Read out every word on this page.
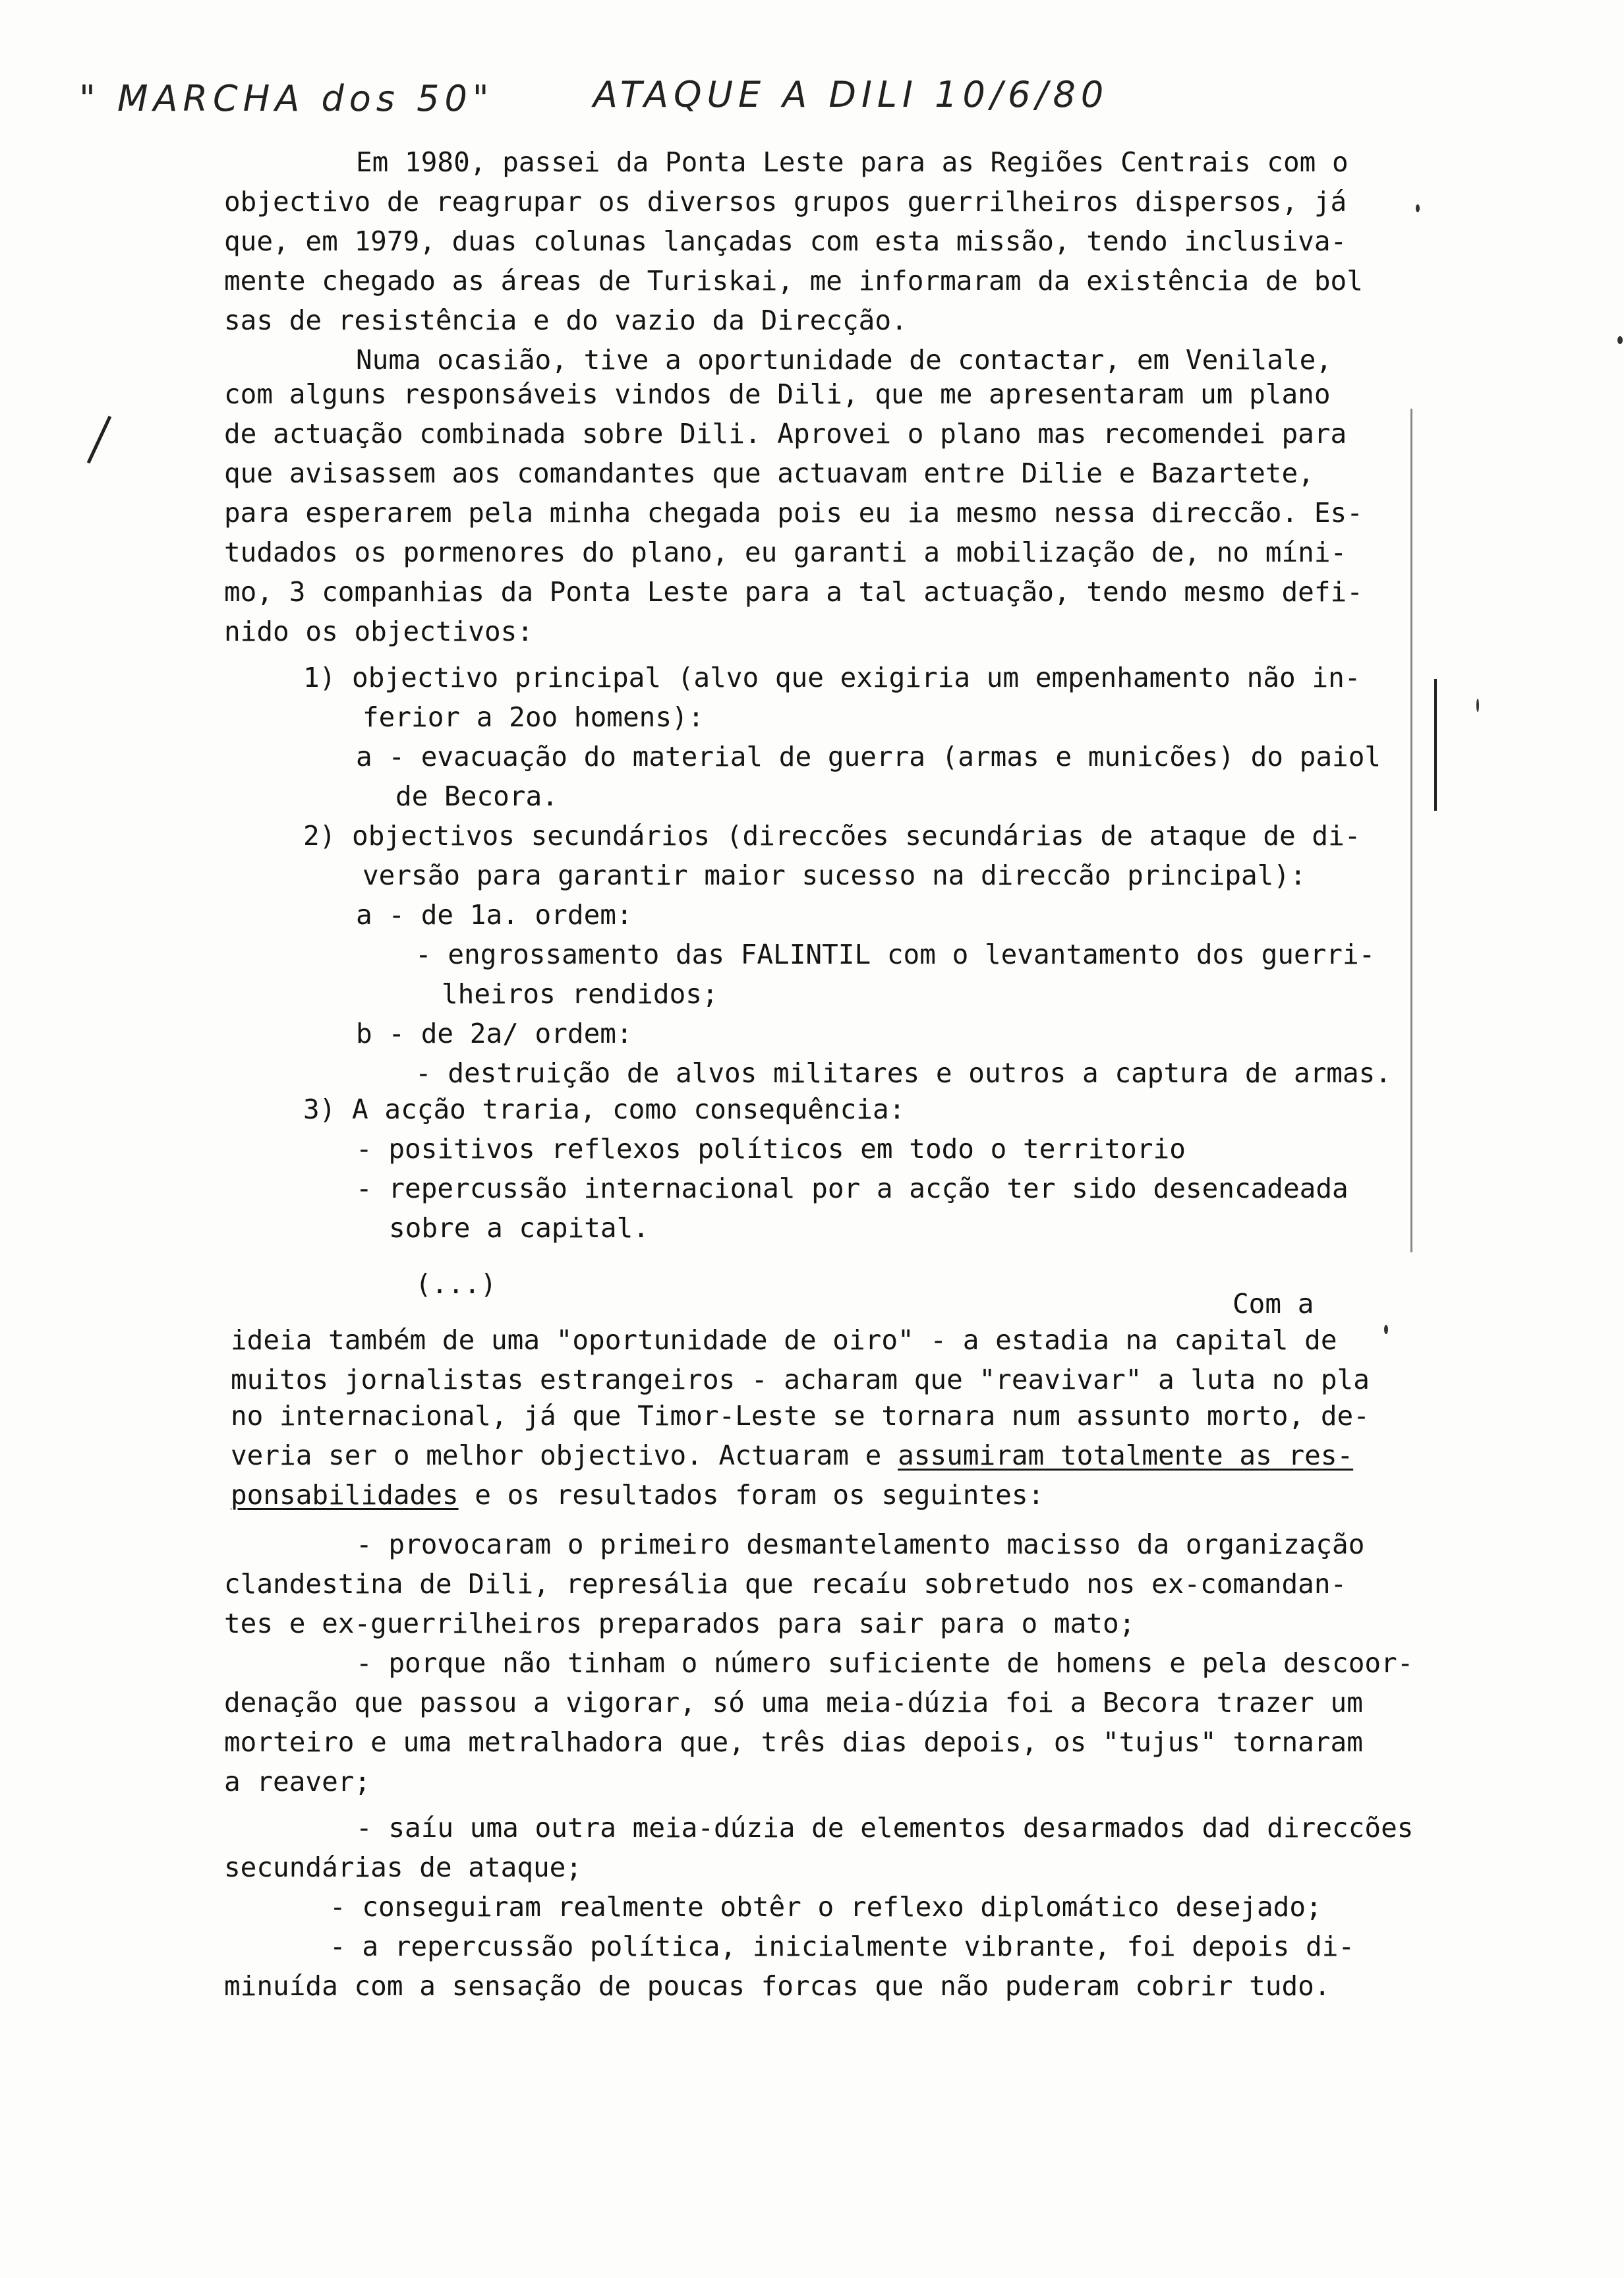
" MARCHA dos 50"	ATAQUE A DILI 10/6/80
Em 1980, passei da Ponta Leste para as Regiões Centrais com o
objectivo de reagrupar os diversos grupos guerrilheiros dispersos, já
que, em 1979, duas colunas lançadas com esta missão, tendo inclusiva-
mente chegado as áreas de Turiskai, me informaram da existência de bol
sas de resistência e do vazio da Direcção.
Numa ocasião, tive a oportunidade de contactar, em Venilale,
com alguns responsáveis vindos de Dili, que me apresentaram um plano
de actuação combinada sobre Dili. Aprovei o plano mas recomendei para
que avisassem aos comandantes que actuavam entre Dilie e Bazartete,
para esperarem pela minha chegada pois eu ia mesmo nessa direccão. Es-
tudados os pormenores do plano, eu garanti a mobilização de, no míni-
mo, 3 companhias da Ponta Leste para a tal actuação, tendo mesmo defi-
nido os objectivos:
1) objectivo principal (alvo que exigiria um empenhamento não in-
ferior a 2oo homens):
a - evacuação do material de guerra (armas e municões) do paiol
de Becora.
2) objectivos secundários (direccões secundárias de ataque de di-
versão para garantir maior sucesso na direccão principal):
a - de 1a. ordem:
- engrossamento das FALINTIL com o levantamento dos guerri-
lheiros rendidos;
b - de 2a/ ordem:
- destruição de alvos militares e outros a captura de armas.
3) A acção traria, como consequência:
- positivos reflexos políticos em todo o territorio
- repercussão internacional por a acção ter sido desencadeada
sobre a capital.
(...)
Com a
ideia também de uma "oportunidade de oiro" - a estadia na capital de
muitos jornalistas estrangeiros - acharam que "reavivar" a luta no pla
no internacional, já que Timor-Leste se tornara num assunto morto, de-
veria ser o melhor objectivo. Actuaram e assumiram totalmente as res-
ponsabilidades e os resultados foram os seguintes:
- provocaram o primeiro desmantelamento macisso da organização
clandestina de Dili, represália que recaíu sobretudo nos ex-comandan-
tes e ex-guerrilheiros preparados para sair para o mato;
- porque não tinham o número suficiente de homens e pela descoor-
denação que passou a vigorar, só uma meia-dúzia foi a Becora trazer um
morteiro e uma metralhadora que, três dias depois, os "tujus" tornaram
a reaver;
- saíu uma outra meia-dúzia de elementos desarmados dad direccões
secundárias de ataque;
- conseguiram realmente obtêr o reflexo diplomático desejado;
- a repercussão política, inicialmente vibrante, foi depois di-
minuída com a sensação de poucas forcas que não puderam cobrir tudo.
